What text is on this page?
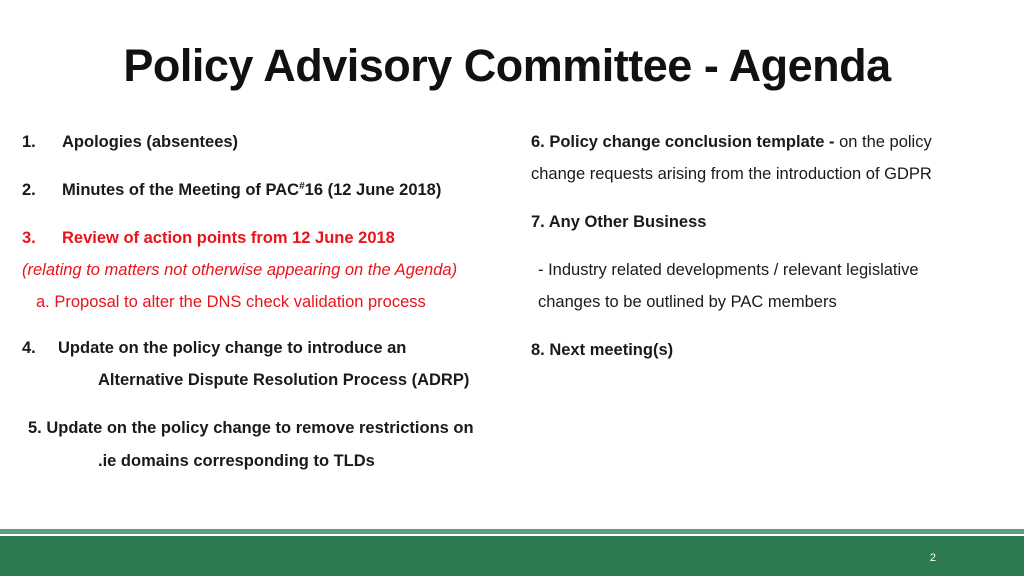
Policy Advisory Committee - Agenda
1. Apologies (absentees)
2. Minutes of the Meeting of PAC#16 (12 June 2018)
3. Review of action points from 12 June 2018
(relating to matters not otherwise appearing on the Agenda)
a. Proposal to alter the DNS check validation process
4. Update on the policy change to introduce an
Alternative Dispute Resolution Process (ADRP)
5. Update on the policy change to remove restrictions on
.ie domains corresponding to TLDs
6. Policy change conclusion template - on the policy
change requests arising from the introduction of GDPR
7. Any Other Business
- Industry related developments / relevant legislative
changes to be outlined by PAC members
8. Next meeting(s)
2
